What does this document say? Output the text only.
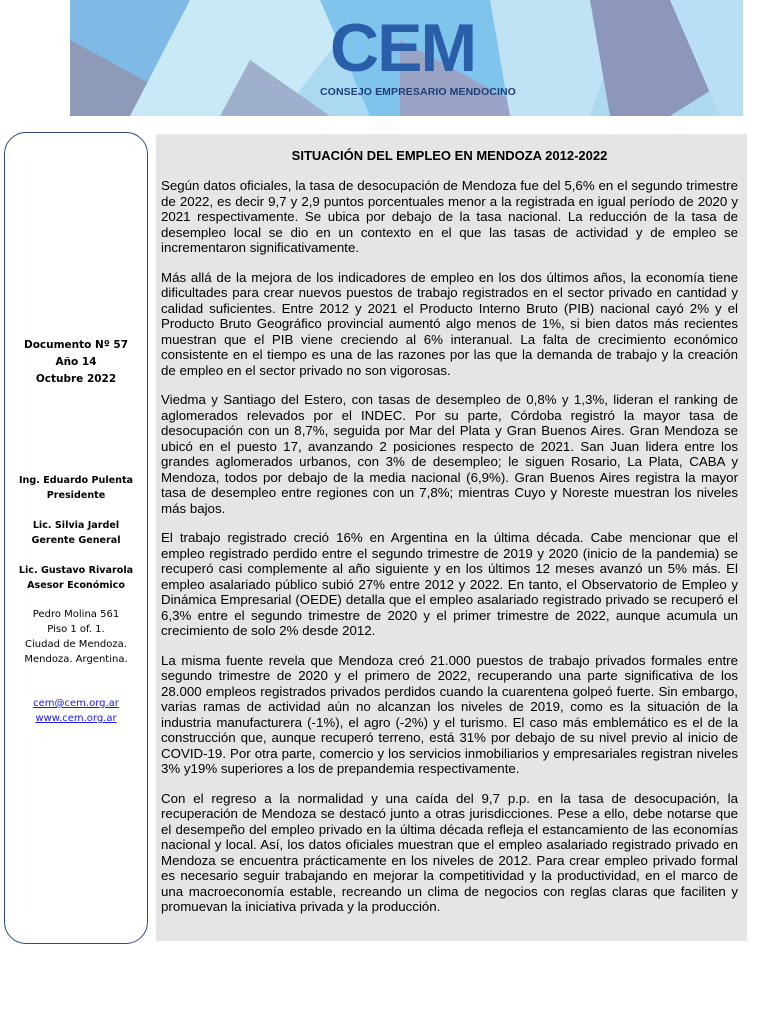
CEM
CONSEJO EMPRESARIO MENDOCINO
Documento Nº 57
Año 14
Octubre 2022
Ing. Eduardo Pulenta
Presidente
Lic. Silvia Jardel
Gerente General
Lic. Gustavo Rivarola
Asesor Económico
Pedro Molina 561
Piso 1 of. 1.
Ciudad de Mendoza.
Mendoza. Argentina.
cem@cem.org.ar
www.cem.org.ar
SITUACIÓN DEL EMPLEO EN MENDOZA 2012-2022

Según datos oficiales, la tasa de desocupación de Mendoza fue del 5,6% en el segundo trimestre de 2022, es decir 9,7 y 2,9 puntos porcentuales menor a la registrada en igual período de 2020 y 2021 respectivamente. Se ubica por debajo de la tasa nacional. La reducción de la tasa de desempleo local se dio en un contexto en el que las tasas de actividad y de empleo se incrementaron significativamente.

Más allá de la mejora de los indicadores de empleo en los dos últimos años, la economía tiene dificultades para crear nuevos puestos de trabajo registrados en el sector privado en cantidad y calidad suficientes. Entre 2012 y 2021 el Producto Interno Bruto (PIB) nacional cayó 2% y el Producto Bruto Geográfico provincial aumentó algo menos de 1%, si bien datos más recientes muestran que el PIB viene creciendo al 6% interanual. La falta de crecimiento económico consistente en el tiempo es una de las razones por las que la demanda de trabajo y la creación de empleo en el sector privado no son vigorosas.

Viedma y Santiago del Estero, con tasas de desempleo de 0,8% y 1,3%, lideran el ranking de aglomerados relevados por el INDEC. Por su parte, Córdoba registró la mayor tasa de desocupación con un 8,7%, seguida por Mar del Plata y Gran Buenos Aires. Gran Mendoza se ubicó en el puesto 17, avanzando 2 posiciones respecto de 2021. San Juan lidera entre los grandes aglomerados urbanos, con 3% de desempleo; le siguen Rosario, La Plata, CABA y Mendoza, todos por debajo de la media nacional (6,9%). Gran Buenos Aires registra la mayor tasa de desempleo entre regiones con un 7,8%; mientras Cuyo y Noreste muestran los niveles más bajos.

El trabajo registrado creció 16% en Argentina en la última década. Cabe mencionar que el empleo registrado perdido entre el segundo trimestre de 2019 y 2020 (inicio de la pandemia) se recuperó casi complemente al año siguiente y en los últimos 12 meses avanzó un 5% más. El empleo asalariado público subió 27% entre 2012 y 2022. En tanto, el Observatorio de Empleo y Dinámica Empresarial (OEDE) detalla que el empleo asalariado registrado privado se recuperó el 6,3% entre el segundo trimestre de 2020 y el primer trimestre de 2022, aunque acumula un crecimiento de solo 2% desde 2012.

La misma fuente revela que Mendoza creó 21.000 puestos de trabajo privados formales entre segundo trimestre de 2020 y el primero de 2022, recuperando una parte significativa de los 28.000 empleos registrados privados perdidos cuando la cuarentena golpeó fuerte. Sin embargo, varias ramas de actividad aún no alcanzan los niveles de 2019, como es la situación de la industria manufacturera (-1%), el agro (-2%) y el turismo. El caso más emblemático es el de la construcción que, aunque recuperó terreno, está 31% por debajo de su nivel previo al inicio de COVID-19. Por otra parte, comercio y los servicios inmobiliarios y empresariales registran niveles 3% y19% superiores a los de prepandemia respectivamente.

Con el regreso a la normalidad y una caída del 9,7 p.p. en la tasa de desocupación, la recuperación de Mendoza se destacó junto a otras jurisdicciones. Pese a ello, debe notarse que el desempeño del empleo privado en la última década refleja el estancamiento de las economías nacional y local. Así, los datos oficiales muestran que el empleo asalariado registrado privado en Mendoza se encuentra prácticamente en los niveles de 2012. Para crear empleo privado formal es necesario seguir trabajando en mejorar la competitividad y la productividad, en el marco de una macroeconomía estable, recreando un clima de negocios con reglas claras que faciliten y promuevan la iniciativa privada y la producción.
